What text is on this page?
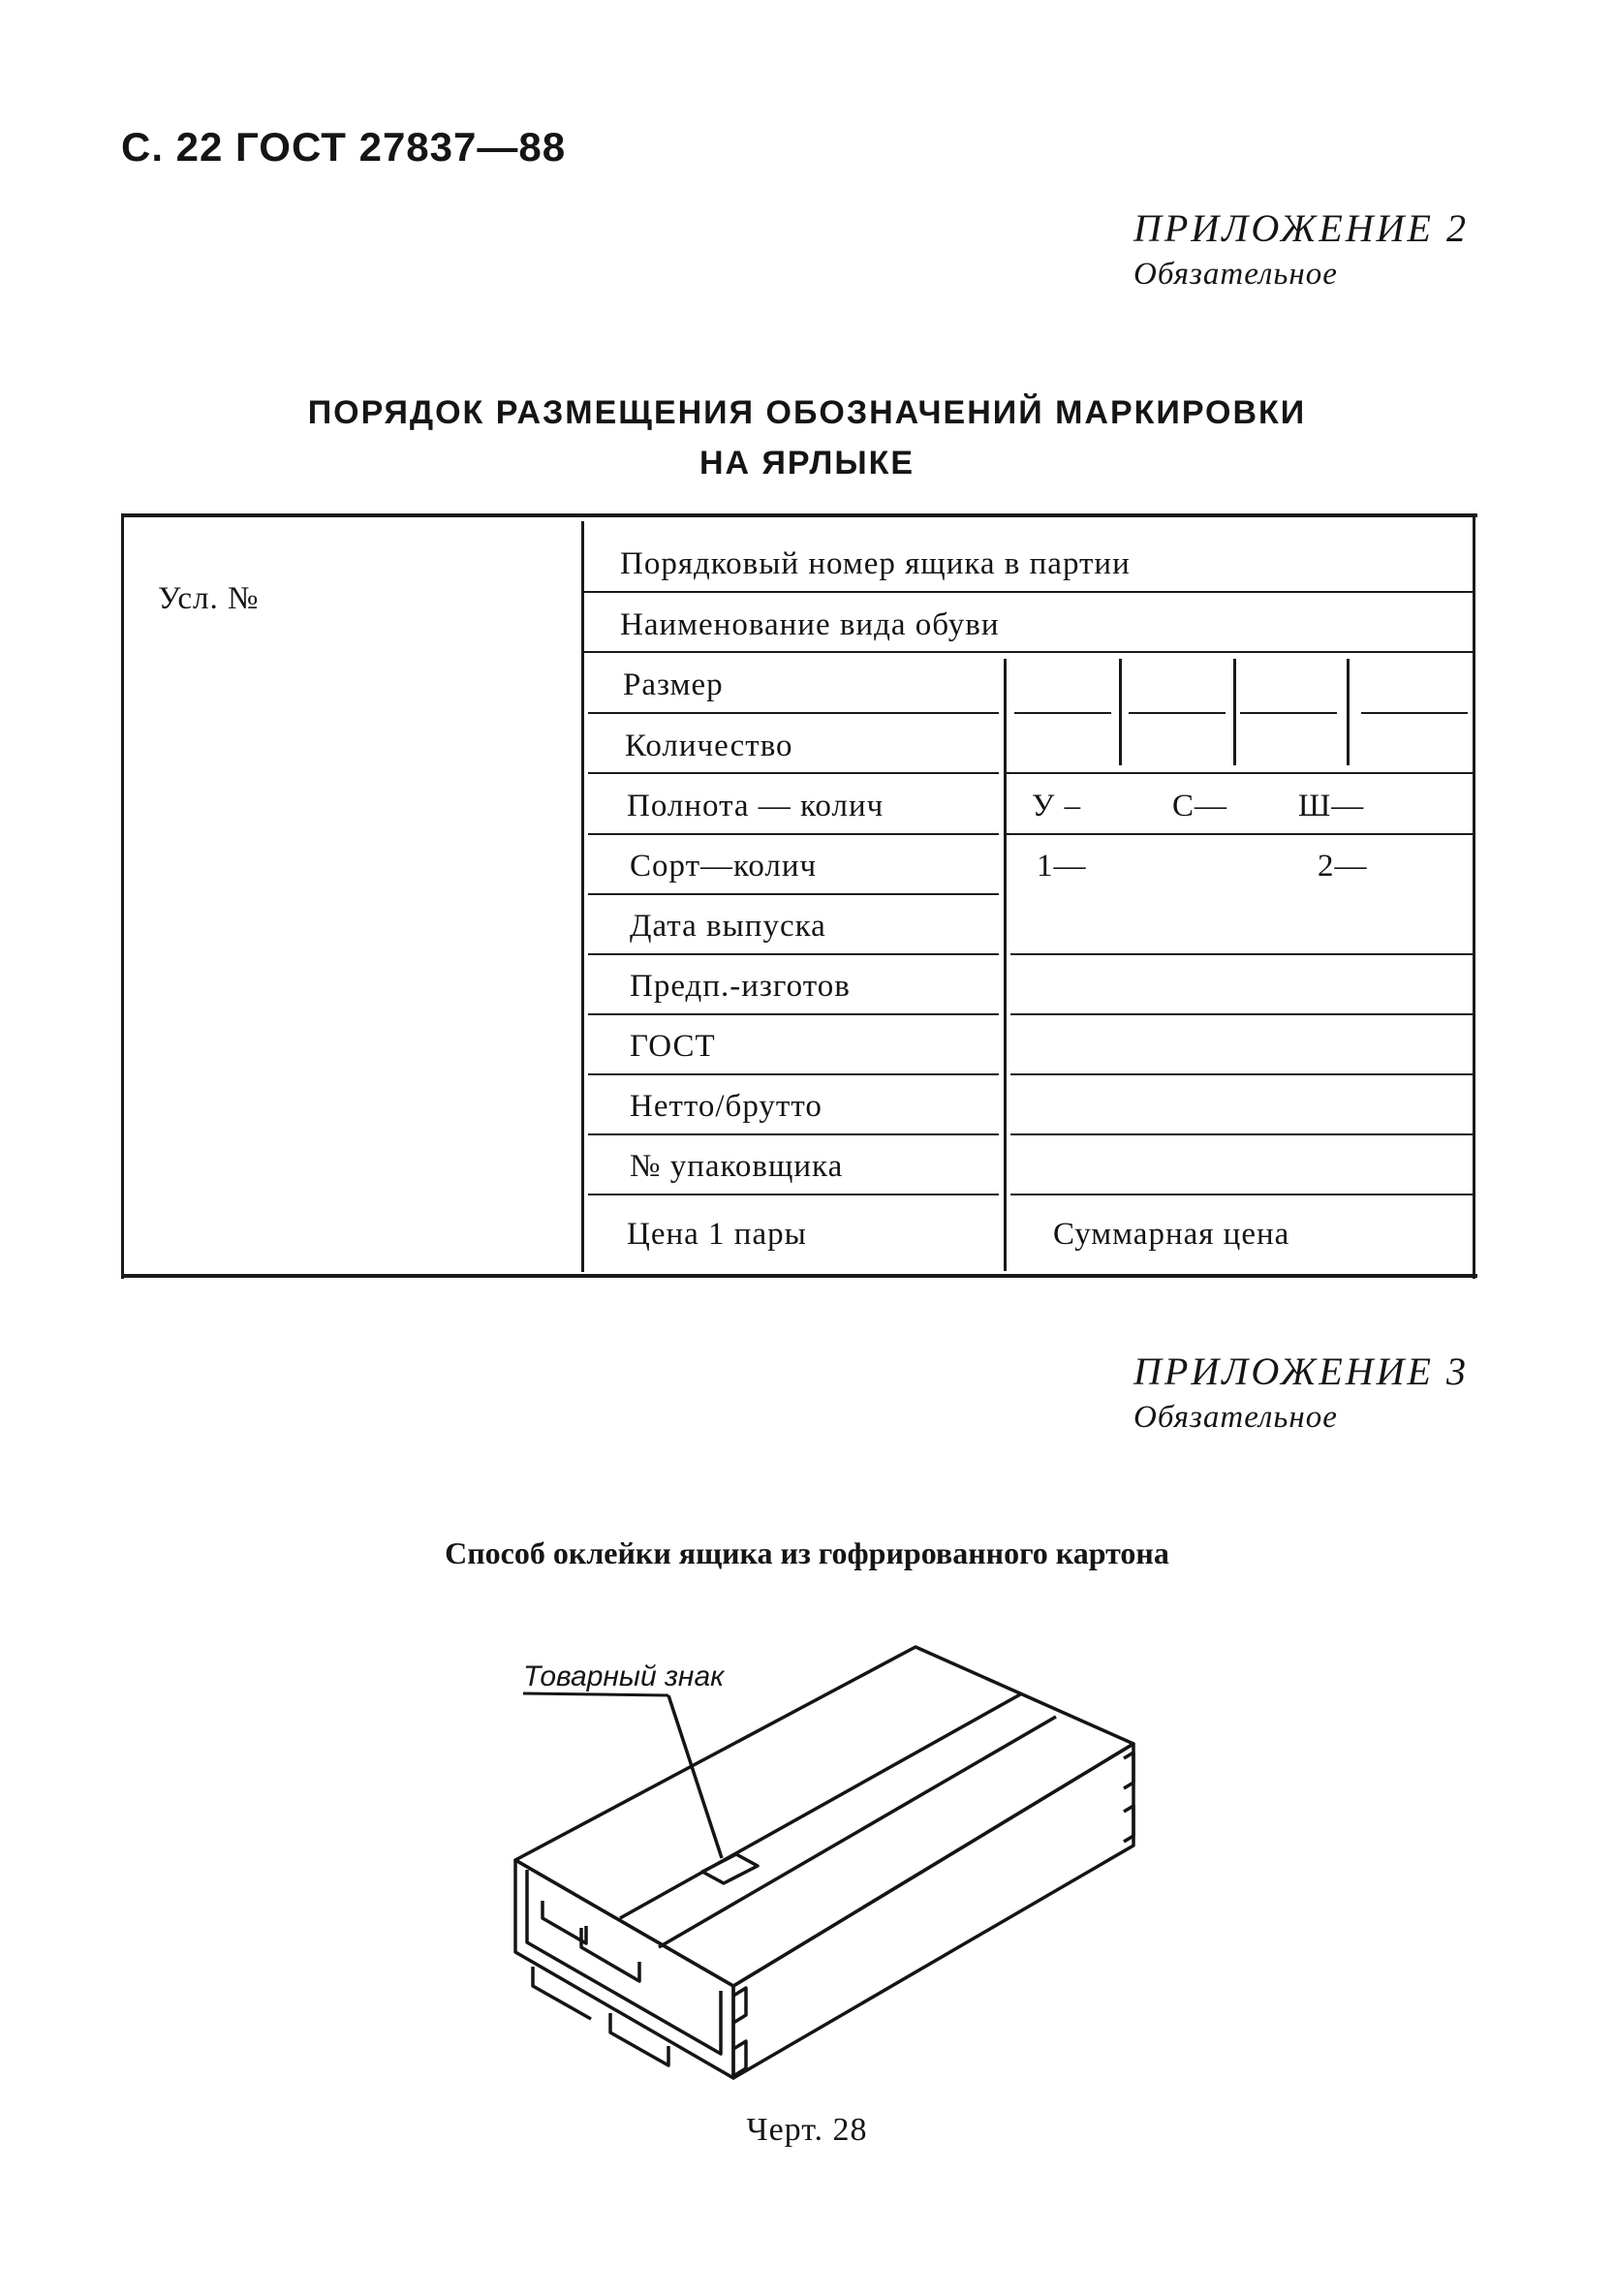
С. 22 ГОСТ 27837—88
ПРИЛОЖЕНИЕ 2
Обязательное
ПОРЯДОК РАЗМЕЩЕНИЯ ОБОЗНАЧЕНИЙ МАРКИРОВКИ
НА ЯРЛЫКЕ
Усл. №
Порядковый номер ящика в партии
Наименование вида обуви
Размер
Количество
Полнота — колич
Сорт—колич
Дата выпуска
Предп.-изготов
ГОСТ
Нетто/брутто
№ упаковщика
Цена 1 пары
У –	С— Ш—
1—	2—
Суммарная цена
ПРИЛОЖЕНИЕ 3
Обязательное
Способ оклейки ящика из гофрированного картона
Товарный знак
Черт. 28
